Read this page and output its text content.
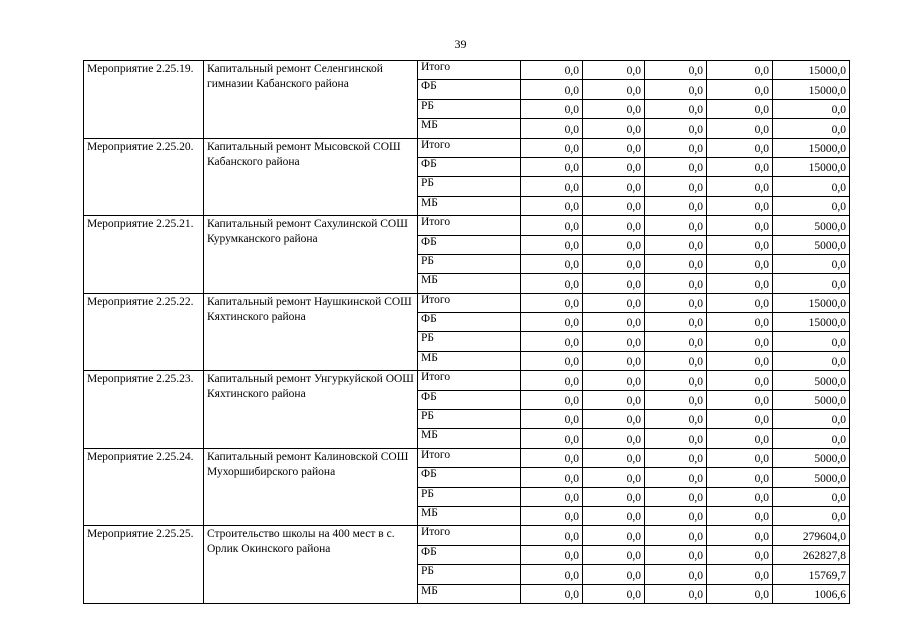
39
Мероприятие 2.25.19.	Капитальный ремонт Селенгинской гимназии Кабанского района	Итого	0,0	0,0	0,0	0,0	15000,0
		ФБ	0,0	0,0	0,0	0,0	15000,0
		РБ	0,0	0,0	0,0	0,0	0,0
		МБ	0,0	0,0	0,0	0,0	0,0
Мероприятие 2.25.20.	Капитальный ремонт Мысовской СОШ Кабанского района	Итого	0,0	0,0	0,0	0,0	15000,0
		ФБ	0,0	0,0	0,0	0,0	15000,0
		РБ	0,0	0,0	0,0	0,0	0,0
		МБ	0,0	0,0	0,0	0,0	0,0
Мероприятие 2.25.21.	Капитальный ремонт Сахулинской СОШ Курумканского района	Итого	0,0	0,0	0,0	0,0	5000,0
		ФБ	0,0	0,0	0,0	0,0	5000,0
		РБ	0,0	0,0	0,0	0,0	0,0
		МБ	0,0	0,0	0,0	0,0	0,0
Мероприятие 2.25.22.	Капитальный ремонт Наушкинской СОШ Кяхтинского района	Итого	0,0	0,0	0,0	0,0	15000,0
		ФБ	0,0	0,0	0,0	0,0	15000,0
		РБ	0,0	0,0	0,0	0,0	0,0
		МБ	0,0	0,0	0,0	0,0	0,0
Мероприятие 2.25.23.	Капитальный ремонт Унгуркуйской ООШ Кяхтинского района	Итого	0,0	0,0	0,0	0,0	5000,0
		ФБ	0,0	0,0	0,0	0,0	5000,0
		РБ	0,0	0,0	0,0	0,0	0,0
		МБ	0,0	0,0	0,0	0,0	0,0
Мероприятие 2.25.24.	Капитальный ремонт Калиновской СОШ Мухоршибирского района	Итого	0,0	0,0	0,0	0,0	5000,0
		ФБ	0,0	0,0	0,0	0,0	5000,0
		РБ	0,0	0,0	0,0	0,0	0,0
		МБ	0,0	0,0	0,0	0,0	0,0
Мероприятие 2.25.25.	Строительство школы на 400 мест в с. Орлик Окинского района	Итого	0,0	0,0	0,0	0,0	279604,0
		ФБ	0,0	0,0	0,0	0,0	262827,8
		РБ	0,0	0,0	0,0	0,0	15769,7
		МБ	0,0	0,0	0,0	0,0	1006,6
